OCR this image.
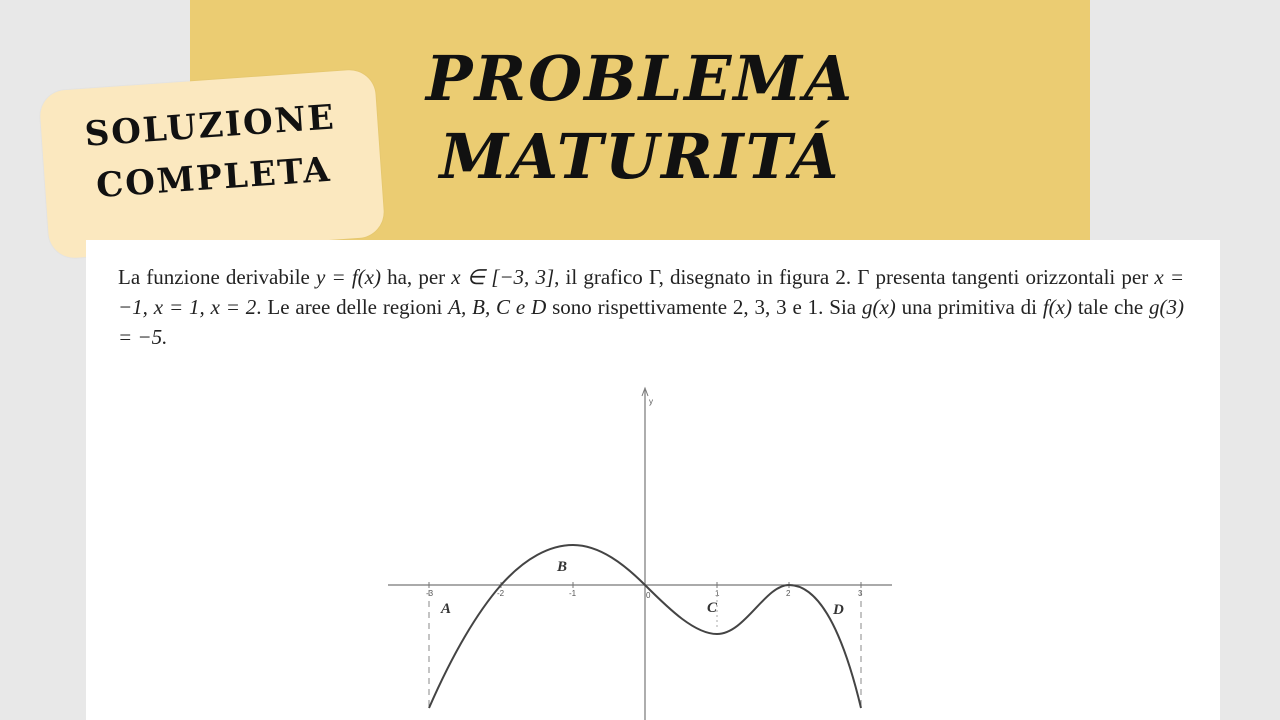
PROBLEMA
MATURITÁ
SOLUZIONE
COMPLETA

La funzione derivabile y = f(x) ha, per x ∈ [−3, 3], il grafico Γ, disegnato in figura 2. Γ presenta tangenti orizzontali per x = −1, x = 1, x = 2. Le aree delle regioni A, B, C e D sono rispettivamente 2, 3, 3 e 1. Sia g(x) una primitiva di f(x) tale che g(3) = −5.

y
-3	-2	-1	0	1	2	3
A
B
C	D
